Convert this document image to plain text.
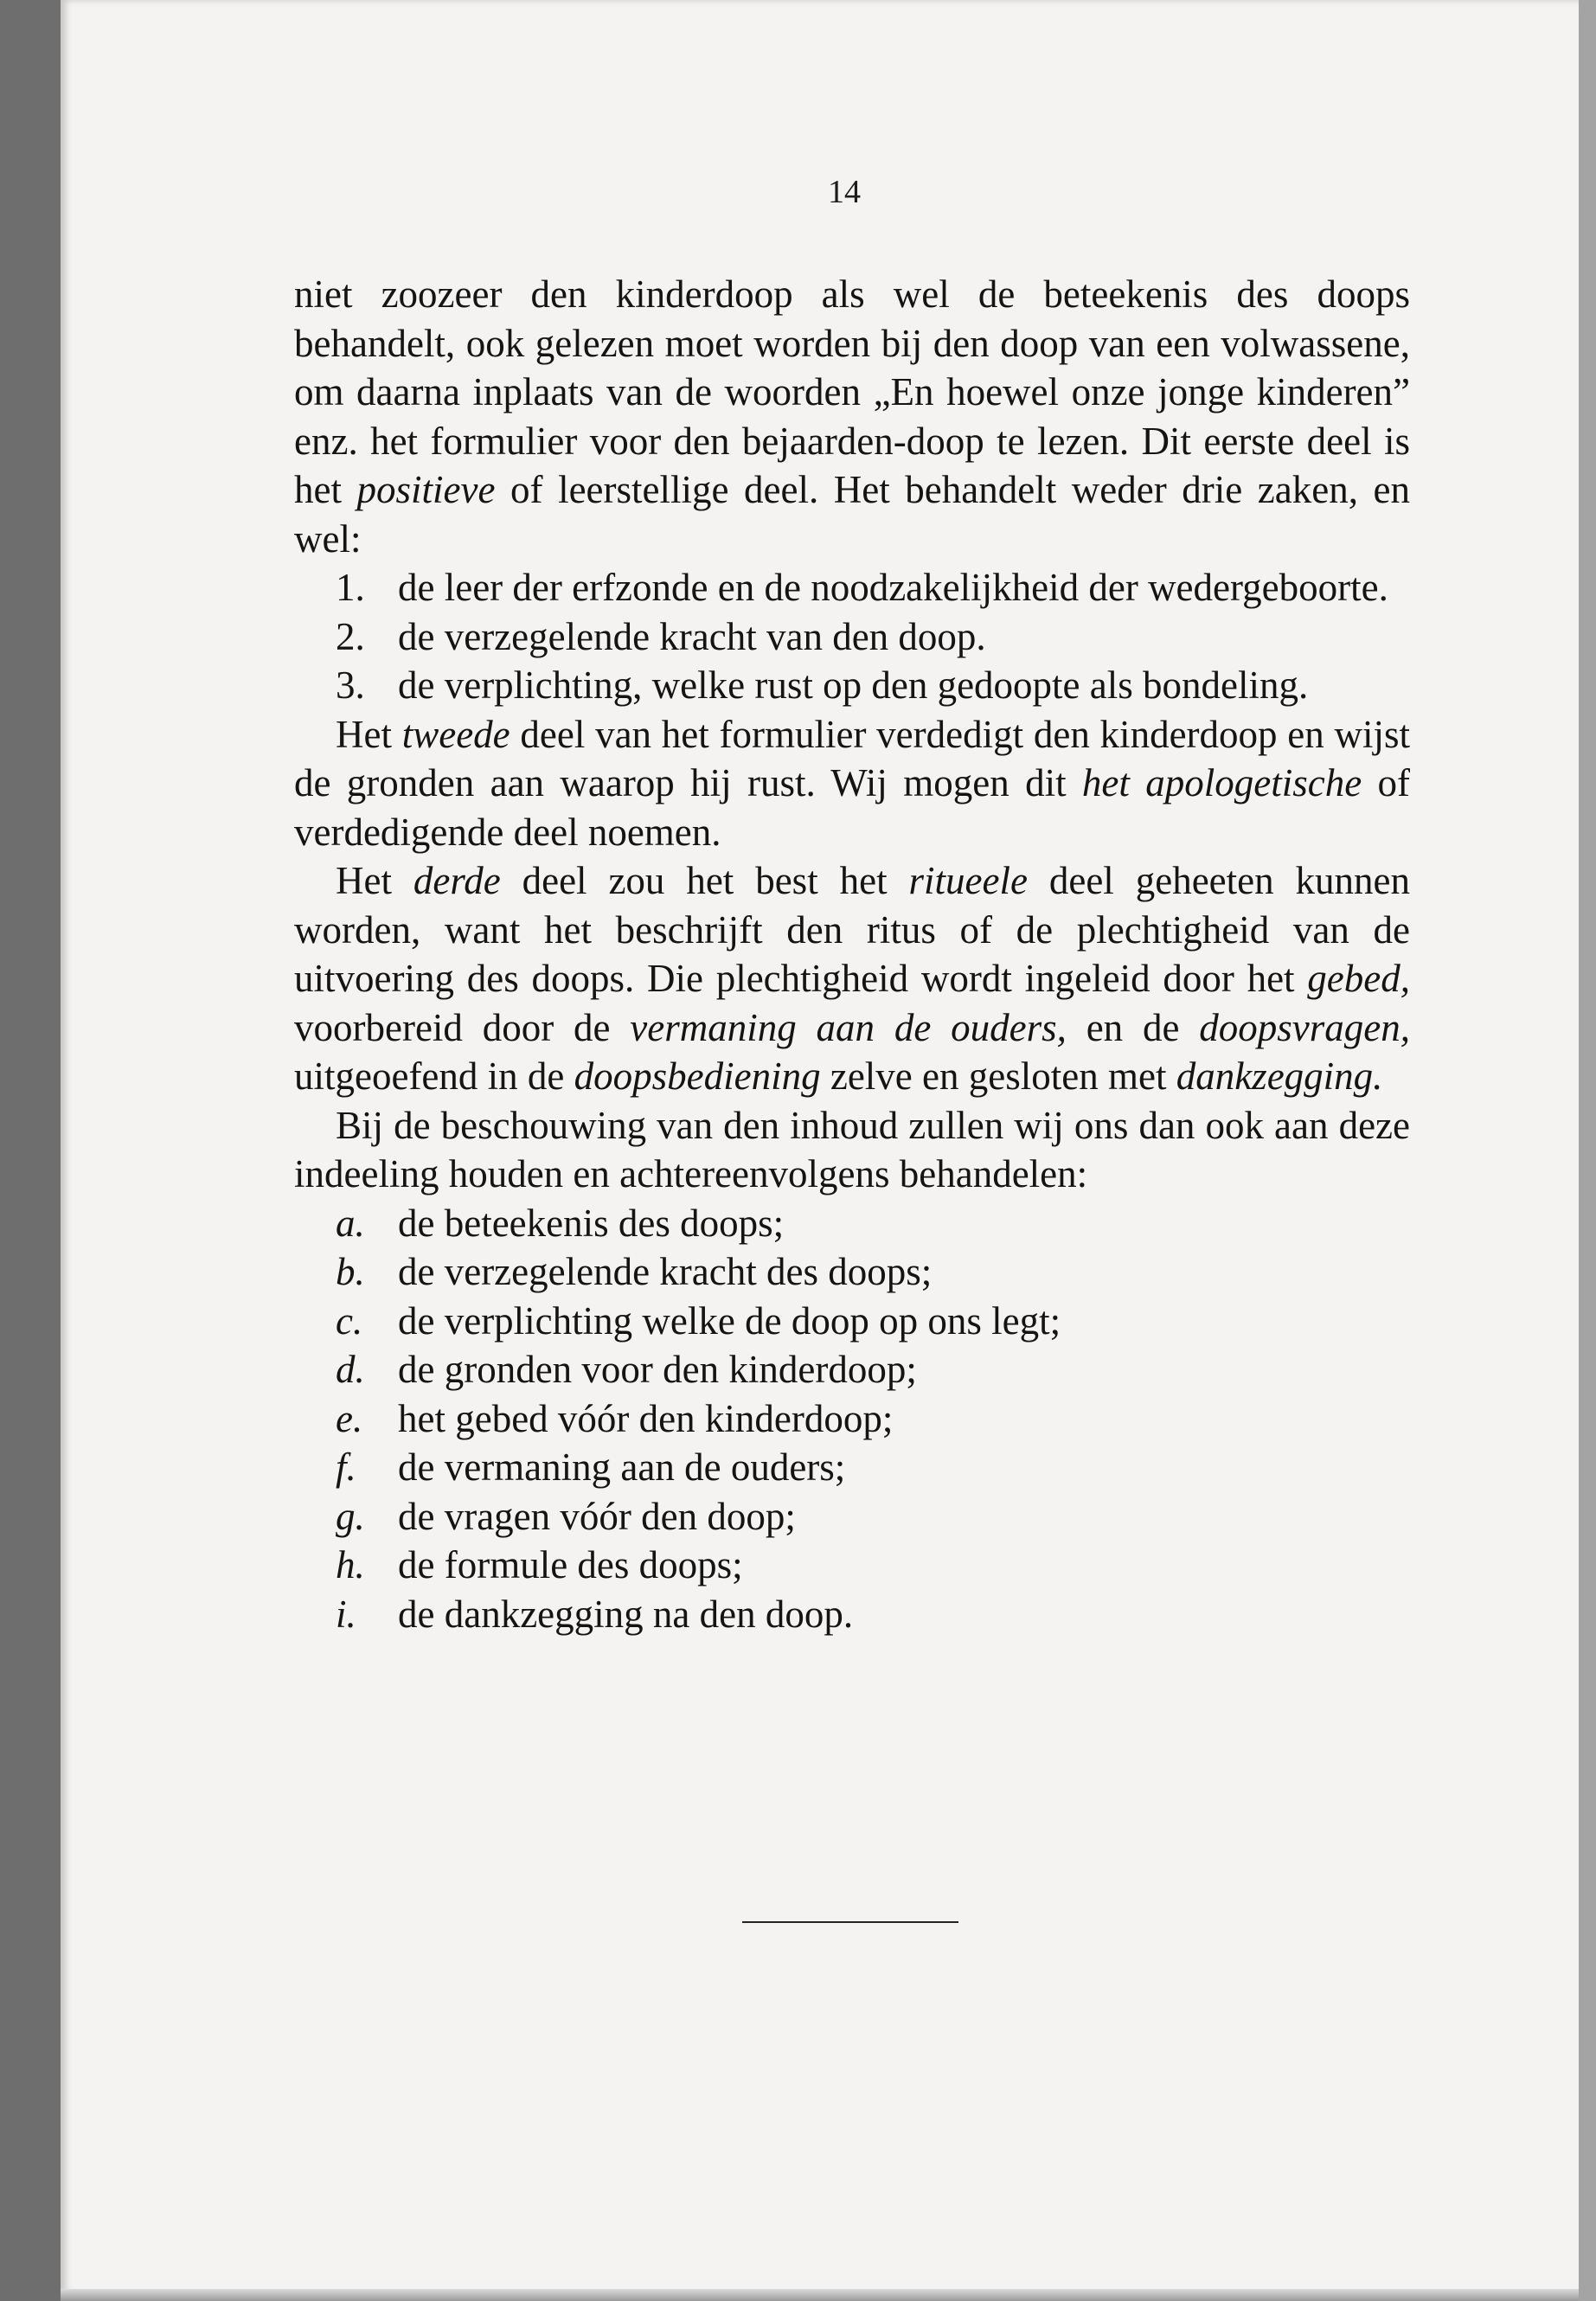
14

niet zoozeer den kinderdoop als wel de beteekenis des doops behandelt, ook gelezen moet worden bij den doop van een volwassene, om daarna inplaats van de woorden „En hoewel onze jonge kinderen” enz. het formulier voor den bejaarden-doop te lezen. Dit eerste deel is het positieve of leerstellige deel. Het behandelt weder drie zaken, en wel:

1. de leer der erfzonde en de noodzakelijkheid der wedergeboorte.
2. de verzegelende kracht van den doop.
3. de verplichting, welke rust op den gedoopte als bondeling.

Het tweede deel van het formulier verdedigt den kinderdoop en wijst de gronden aan waarop hij rust. Wij mogen dit het apologetische of verdedigende deel noemen.

Het derde deel zou het best het ritueele deel geheeten kunnen worden, want het beschrijft den ritus of de plechtigheid van de uitvoering des doops. Die plechtigheid wordt ingeleid door het gebed, voorbereid door de vermaning aan de ouders, en de doopsvragen, uitgeoefend in de doopsbediening zelve en gesloten met dankzegging.

Bij de beschouwing van den inhoud zullen wij ons dan ook aan deze indeeling houden en achtereenvolgens behandelen:

a. de beteekenis des doops;
b. de verzegelende kracht des doops;
c. de verplichting welke de doop op ons legt;
d. de gronden voor den kinderdoop;
e. het gebed vóór den kinderdoop;
f. de vermaning aan de ouders;
g. de vragen vóór den doop;
h. de formule des doops;
i. de dankzegging na den doop.
